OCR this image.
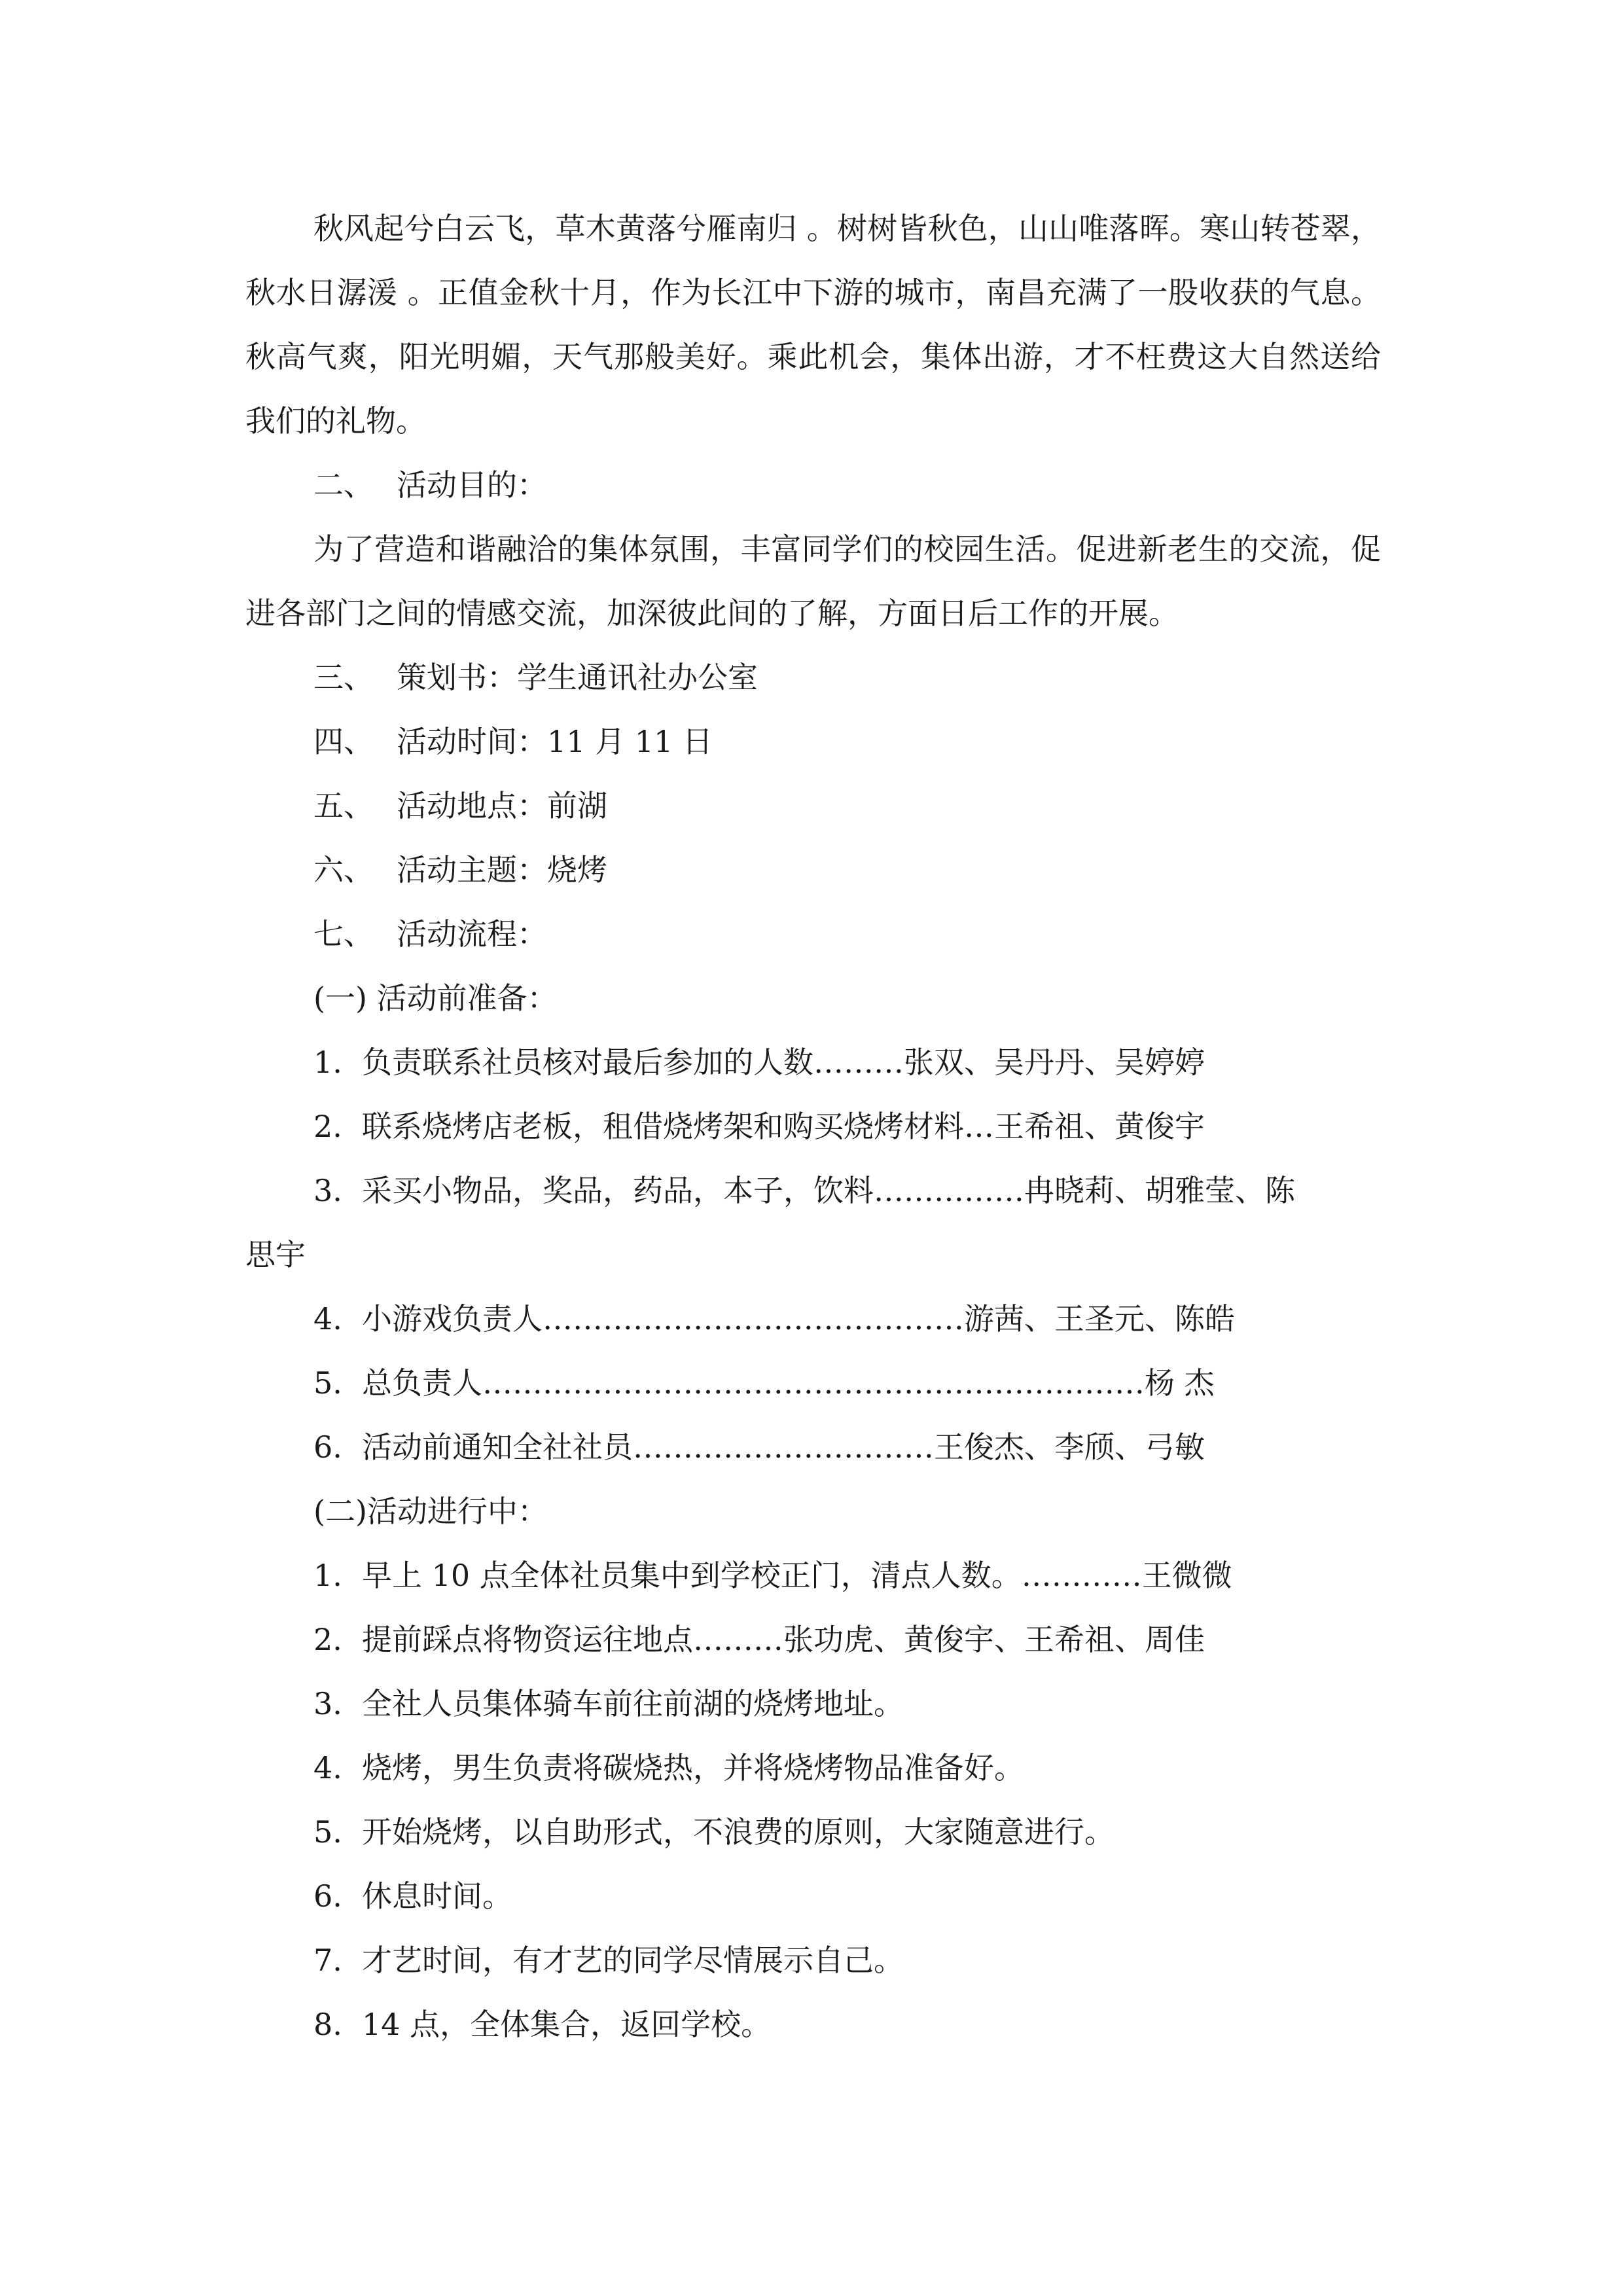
秋风起兮白云飞，草木黄落兮雁南归 。树树皆秋色，山山唯落晖。寒山转苍翠，秋水日潺湲 。正值金秋十月，作为长江中下游的城市，南昌充满了一股收获的气息。秋高气爽，阳光明媚，天气那般美好。乘此机会，集体出游，才不枉费这大自然送给我们的礼物。

二、 活动目的：

为了营造和谐融洽的集体氛围，丰富同学们的校园生活。促进新老生的交流，促进各部门之间的情感交流，加深彼此间的了解，方面日后工作的开展。

三、 策划书：学生通讯社办公室
四、 活动时间：11 月 11 日
五、 活动地点：前湖
六、 活动主题：烧烤
七、 活动流程：
(一) 活动前准备：
1. 负责联系社员核对最后参加的人数………张双、吴丹丹、吴婷婷
2. 联系烧烤店老板，租借烧烤架和购买烧烤材料…王希祖、黄俊宇
3. 采买小物品，奖品，药品，本子，饮料……………冉晓莉、胡雅莹、陈
思宇
4. 小游戏负责人……………………………………游茜、王圣元、陈皓
5. 总负责人…………………………………………………………杨 杰
6. 活动前通知全社社员…………………………王俊杰、李颀、弓敏
(二)活动进行中：
1. 早上 10 点全体社员集中到学校正门，清点人数。…………王微微
2. 提前踩点将物资运往地点………张功虎、黄俊宇、王希祖、周佳
3. 全社人员集体骑车前往前湖的烧烤地址。
4. 烧烤，男生负责将碳烧热，并将烧烤物品准备好。
5. 开始烧烤，以自助形式，不浪费的原则，大家随意进行。
6. 休息时间。
7. 才艺时间，有才艺的同学尽情展示自己。
8. 14 点，全体集合，返回学校。
